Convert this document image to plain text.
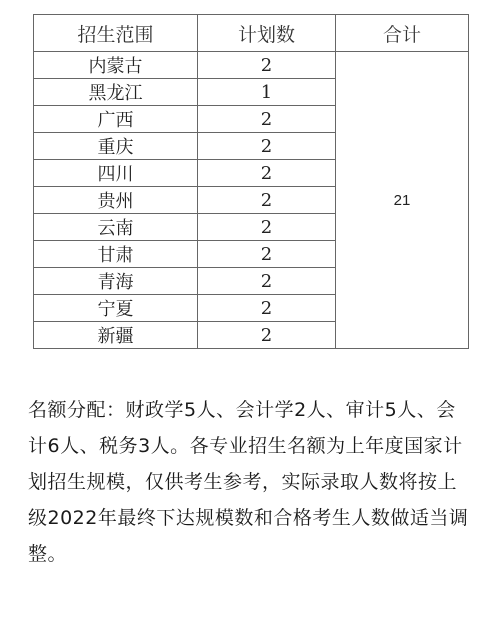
招生范围	计划数	合计
内蒙古	2	21
黑龙江	1	
广西	2	
重庆	2	
四川	2	
贵州	2	
云南	2	
甘肃	2	
青海	2	
宁夏	2	
新疆	2	

名额分配：财政学5人、会计学2人、审计5人、会计6人、税务3人。各专业招生名额为上年度国家计划招生规模，仅供考生参考，实际录取人数将按上级2022年最终下达规模数和合格考生人数做适当调整。
